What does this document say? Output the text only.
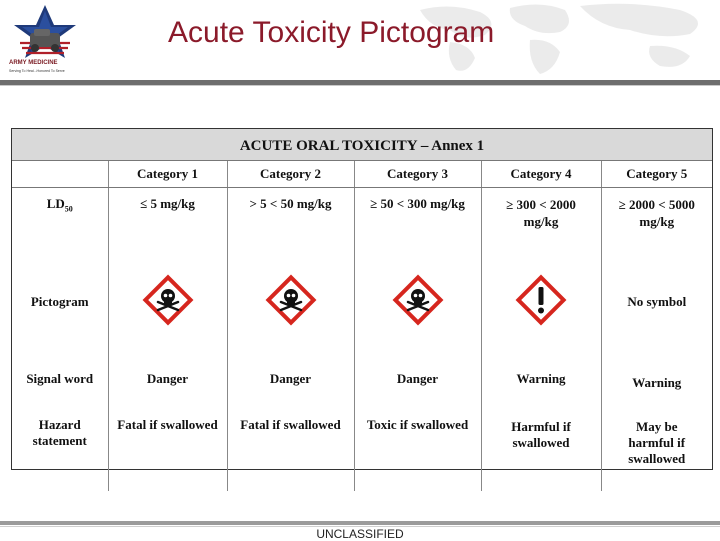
ARMY MEDICINE
Serving To Heal...Honored To Serve
Acute Toxicity Pictogram
ACUTE ORAL TOXICITY – Annex 1
	Category 1	Category 2	Category 3	Category 4	Category 5
$LD_{50}$	≤ 5 mg/kg	> 5 < 50 mg/kg	≥ 50 < 300 mg/kg	≥ 300 < 2000 mg/kg	≥ 2000 < 5000 mg/kg
Pictogram					No symbol
Signal word	Danger	Danger	Danger	Warning	Warning
Hazard statement	Fatal if swallowed	Fatal if swallowed	Toxic if swallowed	Harmful if swallowed	May be harmful if swallowed
UNCLASSIFIED
